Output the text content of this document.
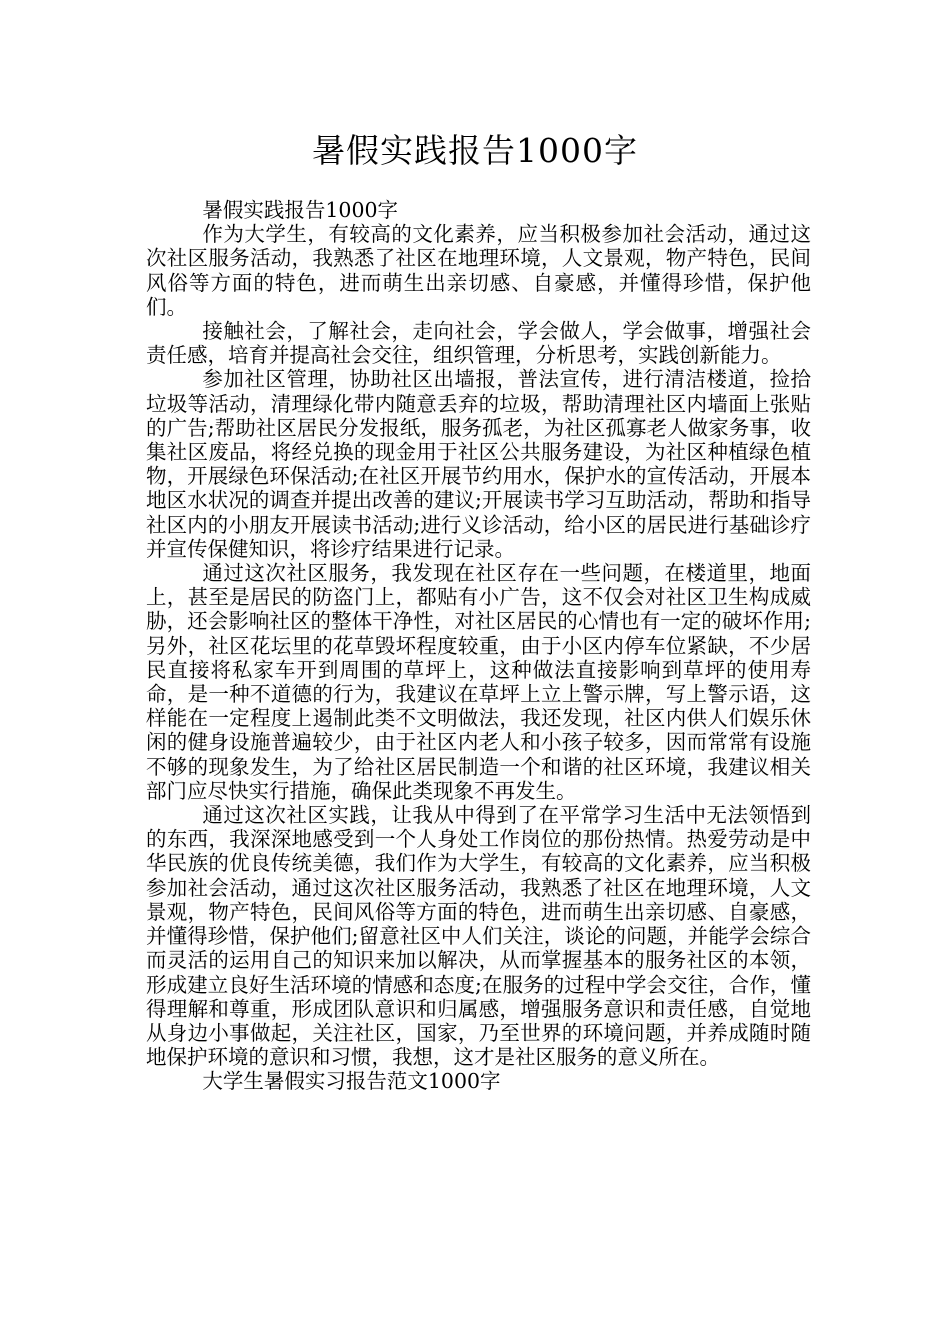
暑假实践报告1000字

暑假实践报告1000字

作为大学生，有较高的文化素养，应当积极参加社会活动，通过这次社区服务活动，我熟悉了社区在地理环境，人文景观，物产特色，民间风俗等方面的特色，进而萌生出亲切感、自豪感，并懂得珍惜，保护他们。

接触社会，了解社会，走向社会，学会做人，学会做事，增强社会责任感，培育并提高社会交往，组织管理，分析思考，实践创新能力。

参加社区管理，协助社区出墙报，普法宣传，进行清洁楼道，捡拾垃圾等活动，清理绿化带内随意丢弃的垃圾，帮助清理社区内墙面上张贴的广告;帮助社区居民分发报纸，服务孤老，为社区孤寡老人做家务事，收集社区废品，将经兑换的现金用于社区公共服务建设，为社区种植绿色植物，开展绿色环保活动;在社区开展节约用水，保护水的宣传活动，开展本地区水状况的调查并提出改善的建议;开展读书学习互助活动，帮助和指导社区内的小朋友开展读书活动;进行义诊活动，给小区的居民进行基础诊疗并宣传保健知识，将诊疗结果进行记录。

通过这次社区服务，我发现在社区存在一些问题，在楼道里，地面上，甚至是居民的防盗门上，都贴有小广告，这不仅会对社区卫生构成威胁，还会影响社区的整体干净性，对社区居民的心情也有一定的破坏作用;另外，社区花坛里的花草毁坏程度较重，由于小区内停车位紧缺，不少居民直接将私家车开到周围的草坪上，这种做法直接影响到草坪的使用寿命，是一种不道德的行为，我建议在草坪上立上警示牌，写上警示语，这样能在一定程度上遏制此类不文明做法，我还发现，社区内供人们娱乐休闲的健身设施普遍较少，由于社区内老人和小孩子较多，因而常常有设施不够的现象发生，为了给社区居民制造一个和谐的社区环境，我建议相关部门应尽快实行措施，确保此类现象不再发生。

通过这次社区实践，让我从中得到了在平常学习生活中无法领悟到的东西，我深深地感受到一个人身处工作岗位的那份热情。热爱劳动是中华民族的优良传统美德，我们作为大学生，有较高的文化素养，应当积极参加社会活动，通过这次社区服务活动，我熟悉了社区在地理环境，人文景观，物产特色，民间风俗等方面的特色，进而萌生出亲切感、自豪感，并懂得珍惜，保护他们;留意社区中人们关注，谈论的问题，并能学会综合而灵活的运用自己的知识来加以解决，从而掌握基本的服务社区的本领，形成建立良好生活环境的情感和态度;在服务的过程中学会交往，合作，懂得理解和尊重，形成团队意识和归属感，增强服务意识和责任感，自觉地从身边小事做起，关注社区，国家，乃至世界的环境问题，并养成随时随地保护环境的意识和习惯，我想，这才是社区服务的意义所在。

大学生暑假实习报告范文1000字
